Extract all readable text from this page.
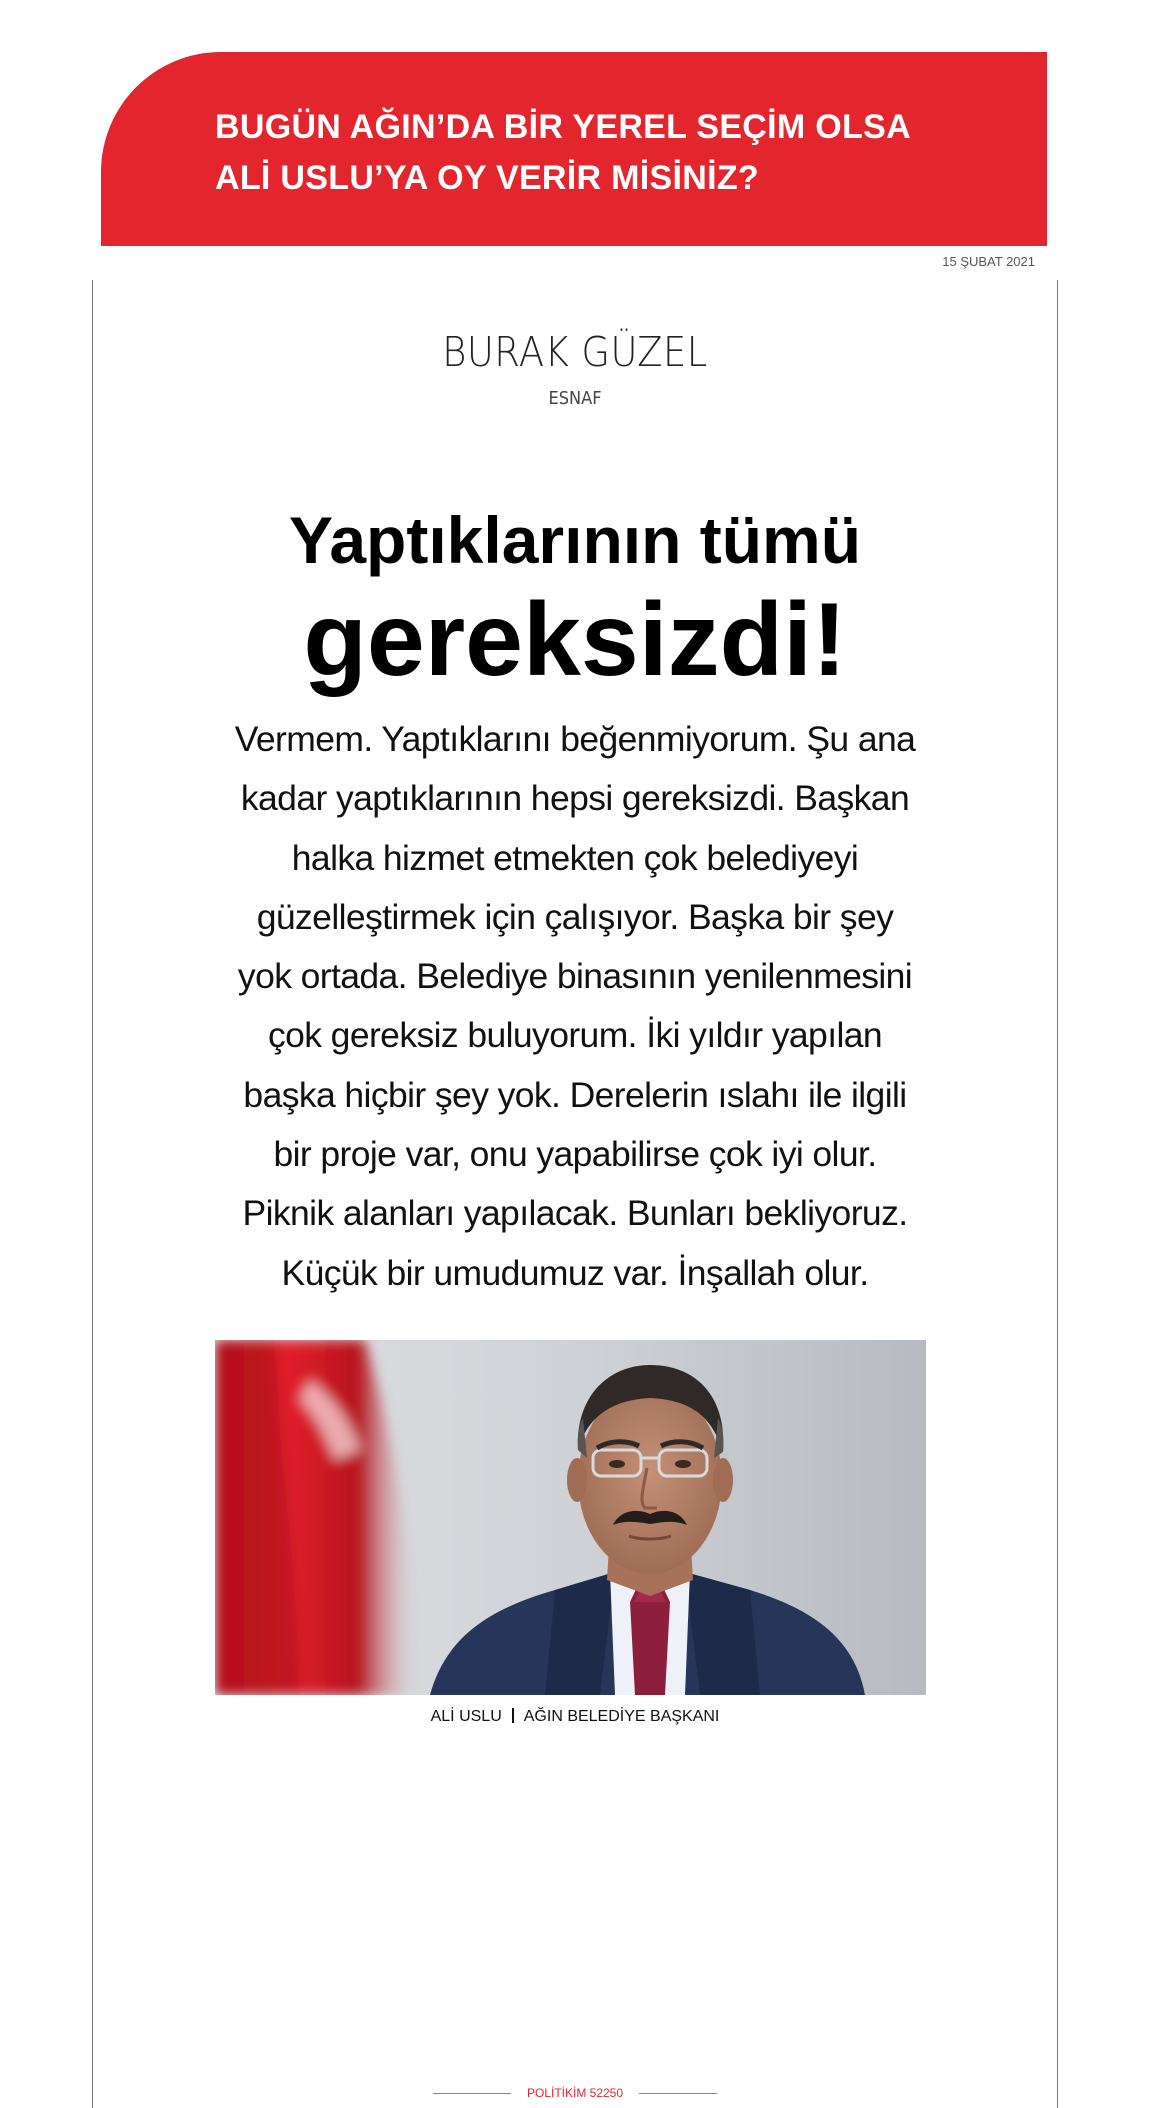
BUGÜN AĞIN’DA BİR YEREL SEÇİM OLSA
ALİ USLU’YA OY VERİR MİSİNİZ?
15 ŞUBAT 2021
BURAK GÜZEL
ESNAF
Yaptıklarının tümü
gereksizdi!
Vermem. Yaptıklarını beğenmiyorum. Şu ana
kadar yaptıklarının hepsi gereksizdi. Başkan
halka hizmet etmekten çok belediyeyi
güzelleştirmek için çalışıyor. Başka bir şey
yok ortada. Belediye binasının yenilenmesini
çok gereksiz buluyorum. İki yıldır yapılan
başka hiçbir şey yok. Derelerin ıslahı ile ilgili
bir proje var, onu yapabilirse çok iyi olur.
Piknik alanları yapılacak. Bunları bekliyoruz.
Küçük bir umudumuz var. İnşallah olur.
ALİ USLU AĞIN BELEDİYE BAŞKANI
POLİTİKİM 52250
